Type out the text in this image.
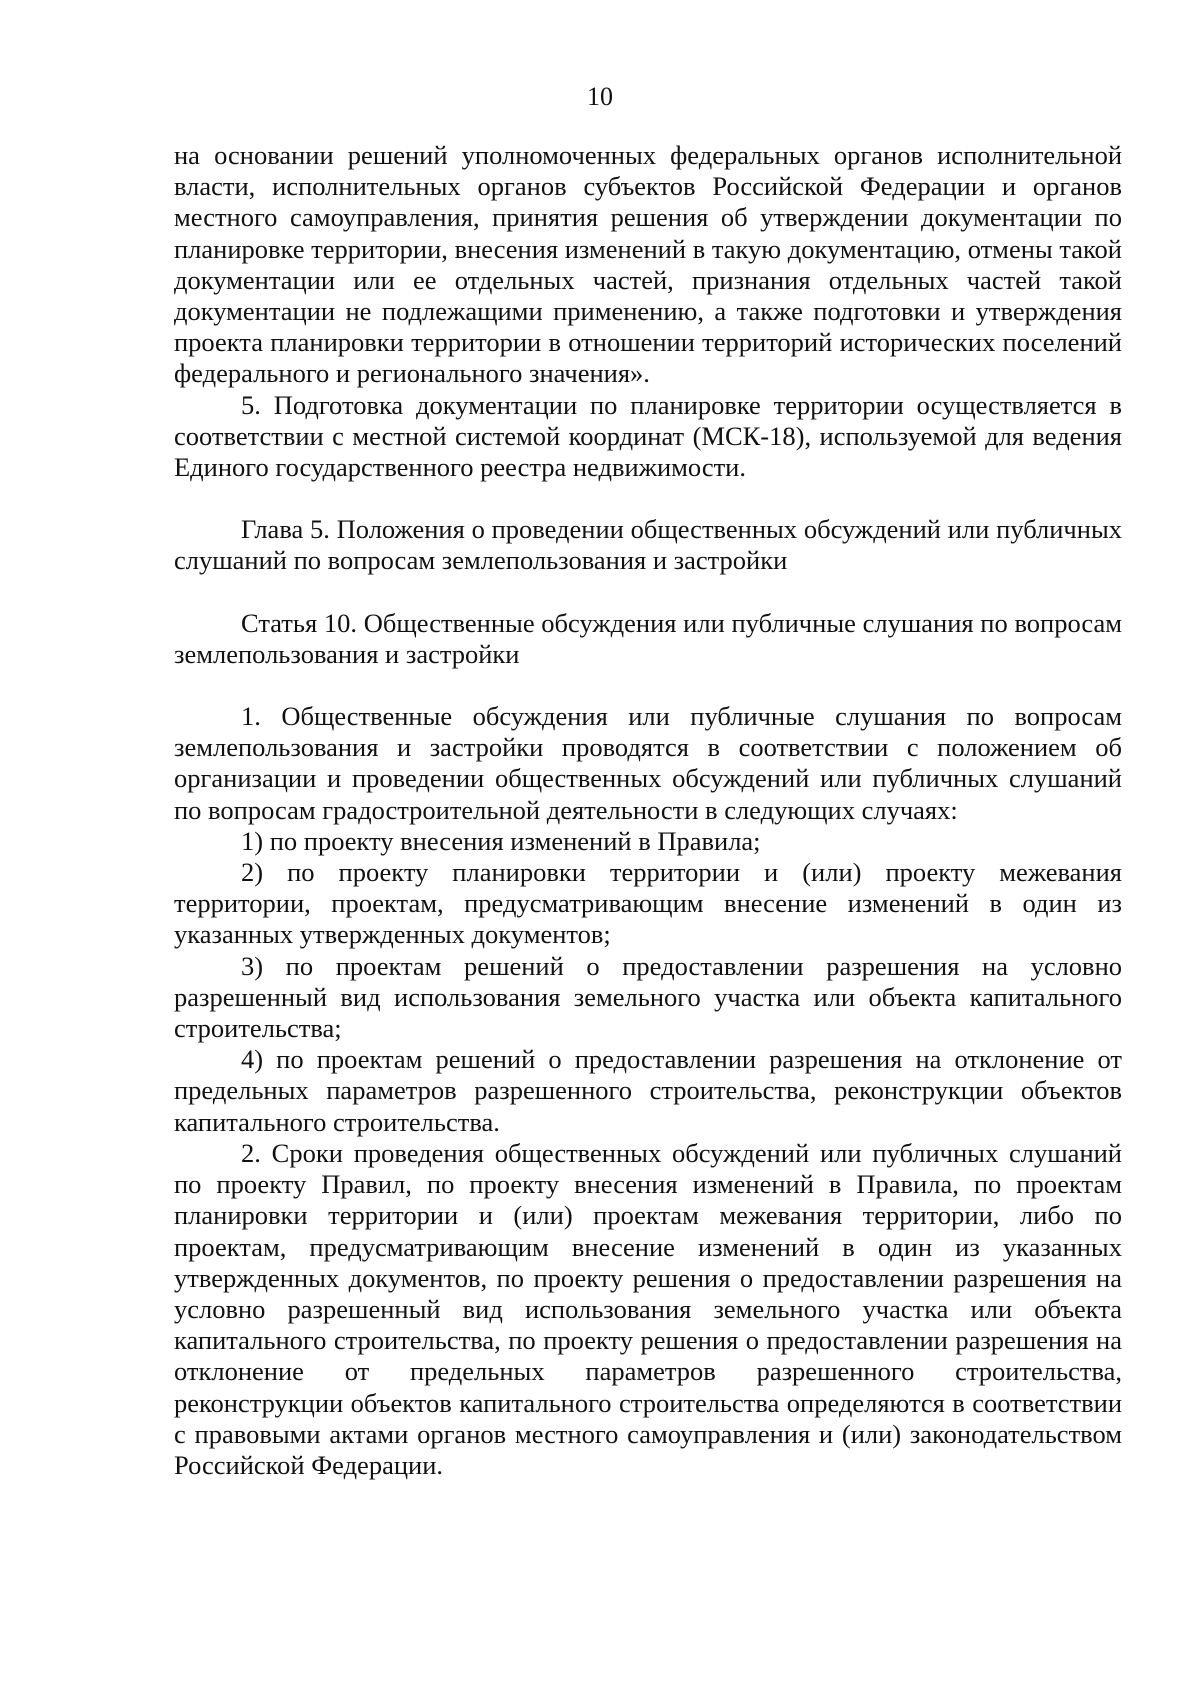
10

на основании решений уполномоченных федеральных органов исполнительной власти, исполнительных органов субъектов Российской Федерации и органов местного самоуправления, принятия решения об утверждении документации по планировке территории, внесения изменений в такую документацию, отмены такой документации или ее отдельных частей, признания отдельных частей такой документации не подлежащими применению, а также подготовки и утверждения проекта планировки территории в отношении территорий исторических поселений федерального и регионального значения».

5. Подготовка документации по планировке территории осуществляется в соответствии с местной системой координат (МСК-18), используемой для ведения Единого государственного реестра недвижимости.

Глава 5. Положения о проведении общественных обсуждений или публичных слушаний по вопросам землепользования и застройки

Статья 10. Общественные обсуждения или публичные слушания по вопросам землепользования и застройки

1. Общественные обсуждения или публичные слушания по вопросам землепользования и застройки проводятся в соответствии с положением об организации и проведении общественных обсуждений или публичных слушаний по вопросам градостроительной деятельности в следующих случаях:

1) по проекту внесения изменений в Правила;

2) по проекту планировки территории и (или) проекту межевания территории, проектам, предусматривающим внесение изменений в один из указанных утвержденных документов;

3) по проектам решений о предоставлении разрешения на условно разрешенный вид использования земельного участка или объекта капитального строительства;

4) по проектам решений о предоставлении разрешения на отклонение от предельных параметров разрешенного строительства, реконструкции объектов капитального строительства.

2. Сроки проведения общественных обсуждений или публичных слушаний по проекту Правил, по проекту внесения изменений в Правила, по проектам планировки территории и (или) проектам межевания территории, либо по проектам, предусматривающим внесение изменений в один из указанных утвержденных документов, по проекту решения о предоставлении разрешения на условно разрешенный вид использования земельного участка или объекта капитального строительства, по проекту решения о предоставлении разрешения на отклонение от предельных параметров разрешенного строительства, реконструкции объектов капитального строительства определяются в соответствии с правовыми актами органов местного самоуправления и (или) законодательством Российской Федерации.
